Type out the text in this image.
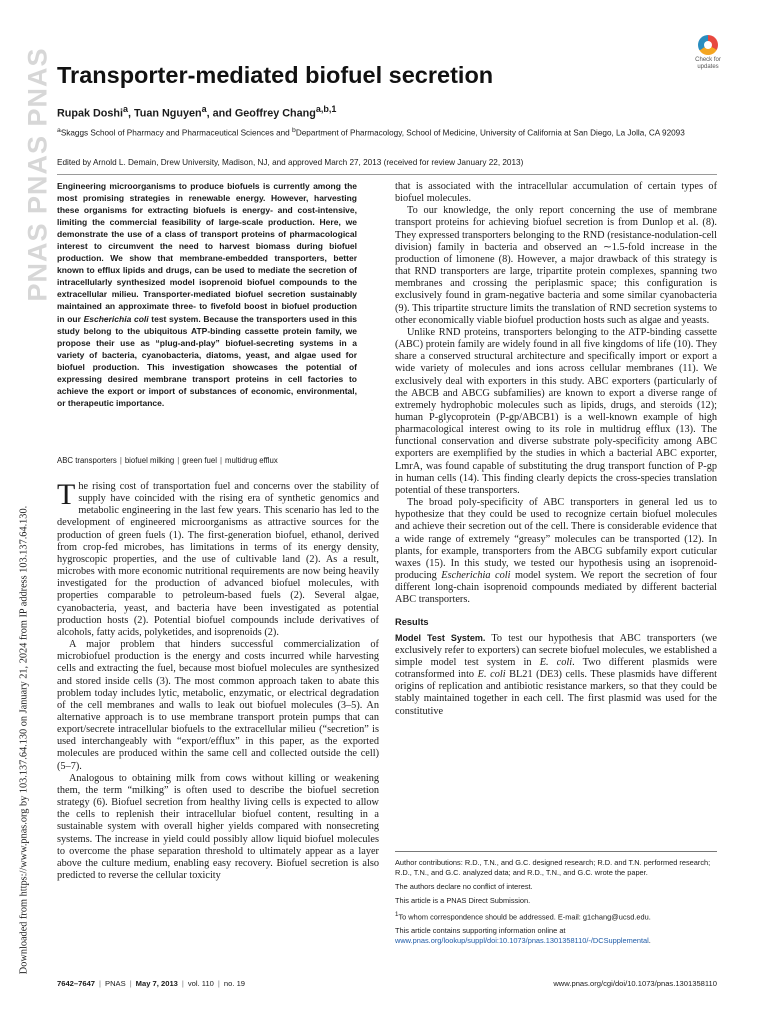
PNAS PNAS PNAS
Downloaded from https://www.pnas.org by 103.137.64.130 on January 21, 2024 from IP address 103.137.64.130.
Check for
updates
Transporter-mediated biofuel secretion
Rupak Doshi$^a$, Tuan Nguyen$^a$, and Geoffrey Chang$^{a,b,1}$
$^a$Skaggs School of Pharmacy and Pharmaceutical Sciences and $^b$Department of Pharmacology, School of Medicine, University of California at San Diego, La Jolla, CA 92093
Edited by Arnold L. Demain, Drew University, Madison, NJ, and approved March 27, 2013 (received for review January 22, 2013)

Engineering microorganisms to produce biofuels is currently among the most promising strategies in renewable energy. However, harvesting these organisms for extracting biofuels is energy- and cost-intensive, limiting the commercial feasibility of large-scale production. Here, we demonstrate the use of a class of transport proteins of pharmacological interest to circumvent the need to harvest biomass during biofuel production. We show that membrane-embedded transporters, better known to efflux lipids and drugs, can be used to mediate the secretion of intracellularly synthesized model isoprenoid biofuel compounds to the extracellular milieu. Transporter-mediated biofuel secretion sustainably maintained an approximate three- to fivefold boost in biofuel production in our Escherichia coli test system. Because the transporters used in this study belong to the ubiquitous ATP-binding cassette protein family, we propose their use as “plug-and-play” biofuel-secreting systems in a variety of bacteria, cyanobacteria, diatoms, yeast, and algae used for biofuel production. This investigation showcases the potential of expressing desired membrane transport proteins in cell factories to achieve the export or import of substances of economic, environmental, or therapeutic importance.

ABC transporters | biofuel milking | green fuel | multidrug efflux

The rising cost of transportation fuel and concerns over the stability of supply have coincided with the rising era of synthetic genomics and metabolic engineering in the last few years. This scenario has led to the development of engineered microorganisms as attractive sources for the production of green fuels (1). The first-generation biofuel, ethanol, derived from crop-fed microbes, has limitations in terms of its energy density, hygroscopic properties, and the use of cultivable land (2). As a result, microbes with more economic nutritional requirements are now being heavily investigated for the production of advanced biofuel molecules, with properties comparable to petroleum-based fuels (2). Several algae, cyanobacteria, yeast, and bacteria have been investigated as potential production hosts (2). Potential biofuel compounds include derivatives of alcohols, fatty acids, polyketides, and isoprenoids (2).

A major problem that hinders successful commercialization of microbiofuel production is the energy and costs incurred while harvesting cells and extracting the fuel, because most biofuel molecules are synthesized and stored inside cells (3). The most common approach taken to abate this problem today includes lytic, metabolic, enzymatic, or electrical degradation of the cell membranes and walls to leak out biofuel molecules (3–5). An alternative approach is to use membrane transport protein pumps that can export/secrete intracellular biofuels to the extracellular milieu (“secretion” is used interchangeably with “export/efflux” in this paper, as the exported molecules are produced within the same cell and collected outside the cell) (5–7).

Analogous to obtaining milk from cows without killing or weakening them, the term “milking” is often used to describe the biofuel secretion strategy (6). Biofuel secretion from healthy living cells is expected to allow the cells to replenish their intracellular biofuel content, resulting in a sustainable system with overall higher yields compared with nonsecreting systems. The increase in yield could possibly allow liquid biofuel molecules to overcome the phase separation threshold to ultimately appear as a layer above the culture medium, enabling easy recovery. Biofuel secretion is also predicted to reverse the cellular toxicity

that is associated with the intracellular accumulation of certain types of biofuel molecules.

To our knowledge, the only report concerning the use of membrane transport proteins for achieving biofuel secretion is from Dunlop et al. (8). They expressed transporters belonging to the RND (resistance-nodulation-cell division) family in bacteria and observed an ∼1.5-fold increase in the production of limonene (8). However, a major drawback of this strategy is that RND transporters are large, tripartite protein complexes, spanning two membranes and crossing the periplasmic space; this configuration is exclusively found in gram-negative bacteria and some similar cyanobacteria (9). This tripartite structure limits the translation of RND secretion systems to other economically viable biofuel production hosts such as algae and yeasts.

Unlike RND proteins, transporters belonging to the ATP-binding cassette (ABC) protein family are widely found in all five kingdoms of life (10). They share a conserved structural architecture and specifically import or export a wide variety of molecules and ions across cellular membranes (11). We exclusively deal with exporters in this study. ABC exporters (particularly of the ABCB and ABCG subfamilies) are known to export a diverse range of extremely hydrophobic molecules such as lipids, drugs, and steroids (12); human P-glycoprotein (P-gp/ABCB1) is a well-known example of high pharmacological interest owing to its role in multidrug efflux (13). The functional conservation and diverse substrate poly-specificity among ABC exporters are exemplified by the studies in which a bacterial ABC exporter, LmrA, was found capable of substituting the drug transport function of P-gp in human cells (14). This finding clearly depicts the cross-species translation potential of these transporters.

The broad poly-specificity of ABC transporters in general led us to hypothesize that they could be used to recognize certain biofuel molecules and achieve their secretion out of the cell. There is considerable evidence that a wide range of extremely “greasy” molecules can be transported (12). In plants, for example, transporters from the ABCG subfamily export cuticular waxes (15). In this study, we tested our hypothesis using an isoprenoid-producing Escherichia coli model system. We report the secretion of four different long-chain isoprenoid compounds mediated by different bacterial ABC transporters.

Results

Model Test System. To test our hypothesis that ABC transporters (we exclusively refer to exporters) can secrete biofuel molecules, we established a simple model test system in E. coli. Two different plasmids were cotransformed into E. coli BL21 (DE3) cells. These plasmids have different origins of replication and antibiotic resistance markers, so that they could be stably maintained together in each cell. The first plasmid was used for the constitutive

Author contributions: R.D., T.N., and G.C. designed research; R.D. and T.N. performed research; R.D., T.N., and G.C. analyzed data; and R.D., T.N., and G.C. wrote the paper.

The authors declare no conflict of interest.

This article is a PNAS Direct Submission.

$^1$To whom correspondence should be addressed. E-mail: g1chang@ucsd.edu.

This article contains supporting information online at www.pnas.org/lookup/suppl/doi:10.1073/pnas.1301358110/-/DCSupplemental.

7642–7647 | PNAS | May 7, 2013 | vol. 110 | no. 19	www.pnas.org/cgi/doi/10.1073/pnas.1301358110
